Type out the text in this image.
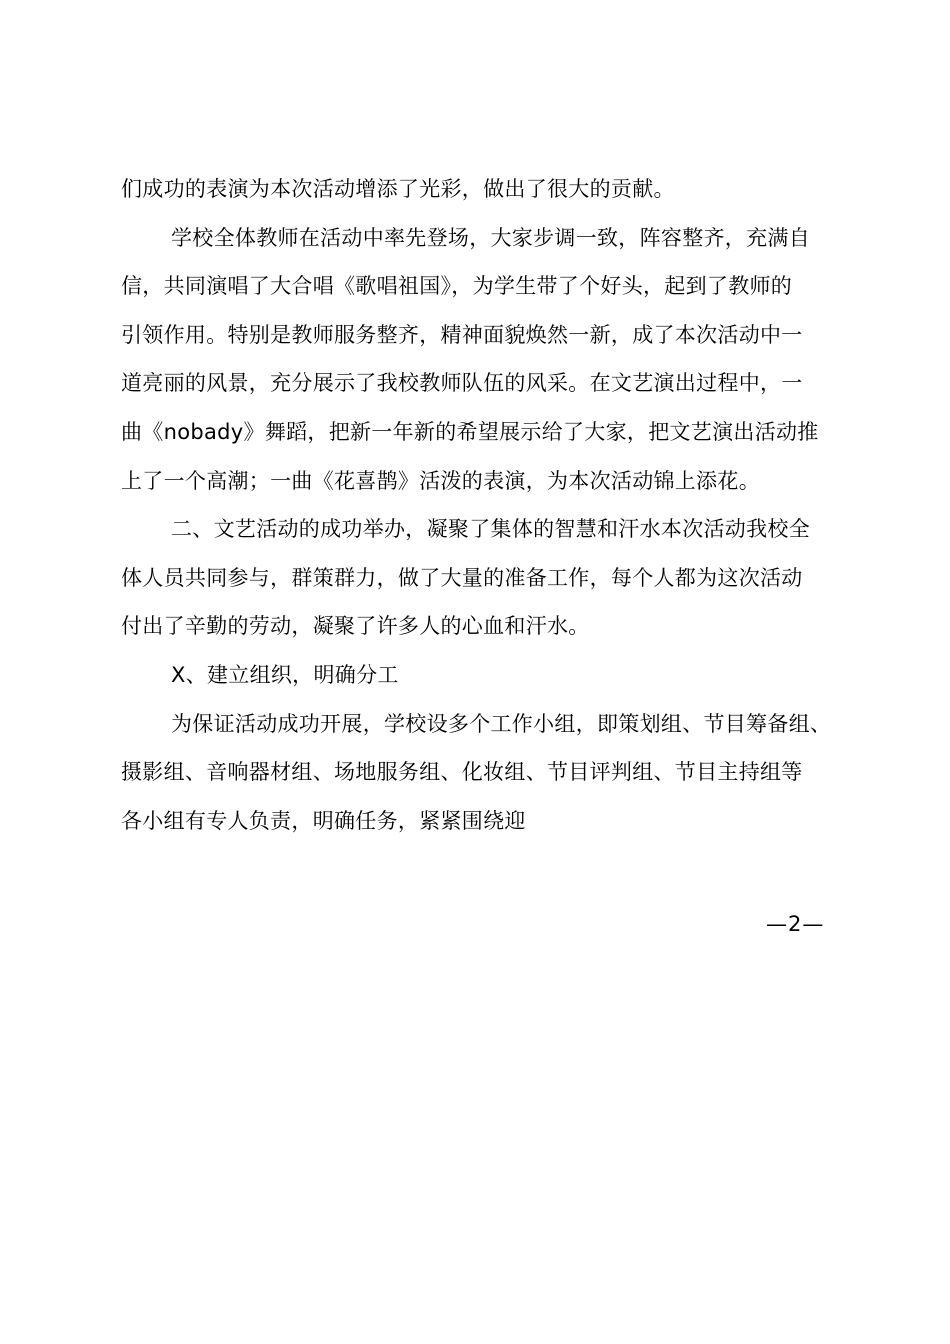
们成功的表演为本次活动增添了光彩，做出了很大的贡献。
学校全体教师在活动中率先登场，大家步调一致，阵容整齐，充满自
信，共同演唱了大合唱《歌唱祖国》，为学生带了个好头，起到了教师的
引领作用。特别是教师服务整齐，精神面貌焕然一新，成了本次活动中一
道亮丽的风景，充分展示了我校教师队伍的风采。在文艺演出过程中，一
曲《nobady》舞蹈，把新一年新的希望展示给了大家，把文艺演出活动推
上了一个高潮；一曲《花喜鹊》活泼的表演，为本次活动锦上添花。
二、文艺活动的成功举办，凝聚了集体的智慧和汗水本次活动我校全
体人员共同参与，群策群力，做了大量的准备工作，每个人都为这次活动
付出了辛勤的劳动，凝聚了许多人的心血和汗水。
X、建立组织，明确分工
为保证活动成功开展，学校设多个工作小组，即策划组、节目筹备组、
摄影组、音响器材组、场地服务组、化妆组、节目评判组、节目主持组等
各小组有专人负责，明确任务，紧紧围绕迎
—2—
